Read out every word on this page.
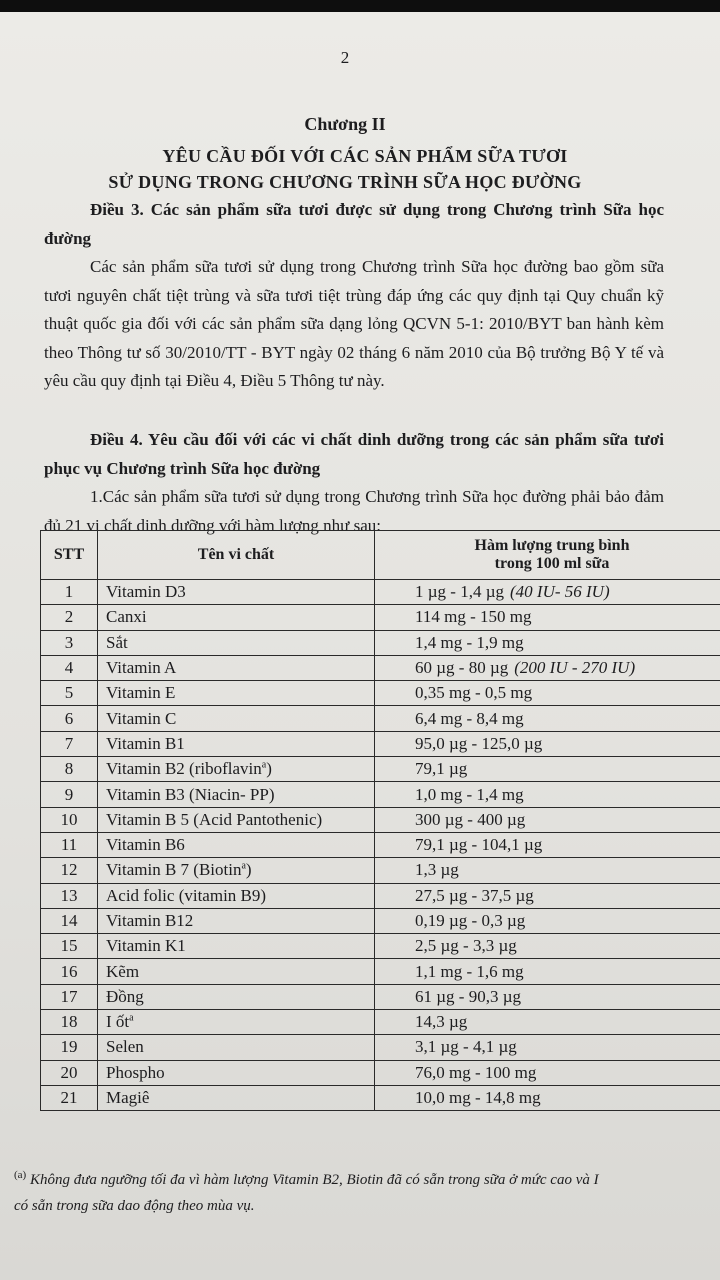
2
Chương II
YÊU CẦU ĐỐI VỚI CÁC SẢN PHẨM SỮA TƯƠI
SỬ DỤNG TRONG CHƯƠNG TRÌNH SỮA HỌC ĐƯỜNG
Điều 3. Các sản phẩm sữa tươi được sử dụng trong Chương trình Sữa học đường
Các sản phẩm sữa tươi sử dụng trong Chương trình Sữa học đường bao gồm sữa tươi nguyên chất tiệt trùng và sữa tươi tiệt trùng đáp ứng các quy định tại Quy chuẩn kỹ thuật quốc gia đối với các sản phẩm sữa dạng lỏng QCVN 5-1: 2010/BYT ban hành kèm theo Thông tư số 30/2010/TT - BYT ngày 02 tháng 6 năm 2010 của Bộ trưởng Bộ Y tế và yêu cầu quy định tại Điều 4, Điều 5 Thông tư này.
Điều 4. Yêu cầu đối với các vi chất dinh dưỡng trong các sản phẩm sữa tươi phục vụ Chương trình Sữa học đường
1.Các sản phẩm sữa tươi sử dụng trong Chương trình Sữa học đường phải bảo đảm đủ 21 vi chất dinh dưỡng với hàm lượng như sau:
STT	Tên vi chất	Hàm lượng trung bình
trong 100 ml sữa

1	Vitamin D3	1 µg - 1,4 µg (40 IU- 56 IU)
2	Canxi	114 mg - 150 mg
3	Sắt	1,4 mg - 1,9 mg
4	Vitamin A	60 µg - 80 µg (200 IU - 270 IU)
5	Vitamin E	0,35 mg - 0,5 mg
6	Vitamin C	6,4 mg - 8,4 mg
7	Vitamin B1	95,0 µg - 125,0 µg
8	Vitamin B2 (riboflavin$^a$)	79,1 µg
9	Vitamin B3 (Niacin- PP)	1,0 mg - 1,4 mg
10	Vitamin B 5 (Acid Pantothenic)	300 µg - 400 µg
11	Vitamin B6	79,1 µg - 104,1 µg
12	Vitamin B 7 (Biotin$^a$)	1,3 µg
13	Acid folic (vitamin B9)	27,5 µg - 37,5 µg
14	Vitamin B12	0,19 µg - 0,3 µg
15	Vitamin K1	2,5 µg - 3,3 µg
16	Kẽm	1,1 mg - 1,6 mg
17	Đồng	61 µg - 90,3 µg
18	I ốt$^a$	14,3 µg
19	Selen	3,1 µg - 4,1 µg
20	Phospho	76,0 mg - 100 mg
21	Magiê	10,0 mg - 14,8 mg
$^{(a)}$ Không đưa ngưỡng tối đa vì hàm lượng Vitamin B2, Biotin đã có sẵn trong sữa ở mức cao và I
có sẵn trong sữa dao động theo mùa vụ.
